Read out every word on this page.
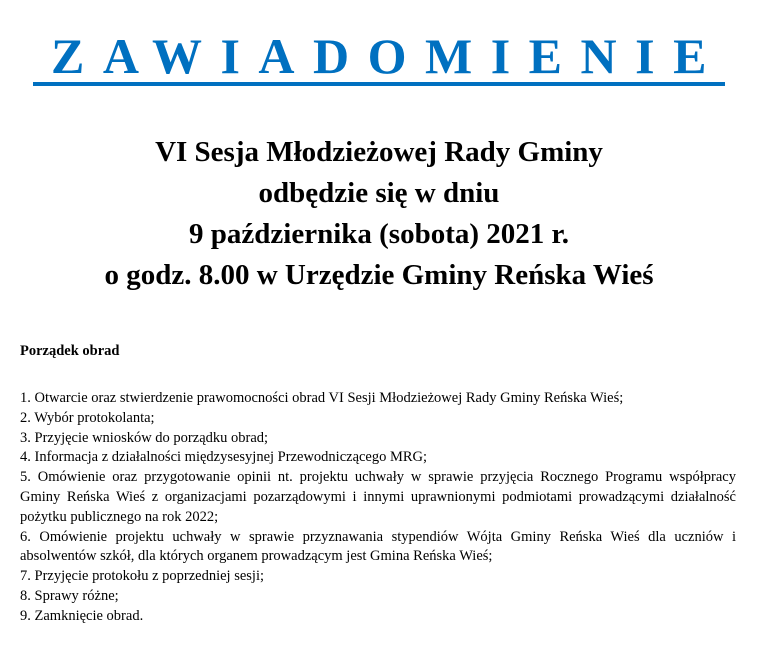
ZAWIADOMIENIE
VI Sesja Młodzieżowej Rady Gminy
odbędzie się w dniu
9 października (sobota) 2021 r.
o godz. 8.00 w Urzędzie Gminy Reńska Wieś
Porządek obrad
1. Otwarcie oraz stwierdzenie prawomocności obrad VI Sesji Młodzieżowej Rady Gminy Reńska Wieś;
2. Wybór protokolanta;
3. Przyjęcie wniosków do porządku obrad;
4. Informacja z działalności międzysesyjnej Przewodniczącego MRG;
5. Omówienie oraz przygotowanie opinii nt. projektu uchwały w sprawie przyjęcia Rocznego Programu współpracy Gminy Reńska Wieś z organizacjami pozarządowymi i innymi uprawnionymi podmiotami prowadzącymi działalność pożytku publicznego na rok 2022;
6. Omówienie projektu uchwały w sprawie przyznawania stypendiów Wójta Gminy Reńska Wieś dla uczniów i absolwentów szkół, dla których organem prowadzącym jest Gmina Reńska Wieś;
7. Przyjęcie protokołu z poprzedniej sesji;
8. Sprawy różne;
9. Zamknięcie obrad.
